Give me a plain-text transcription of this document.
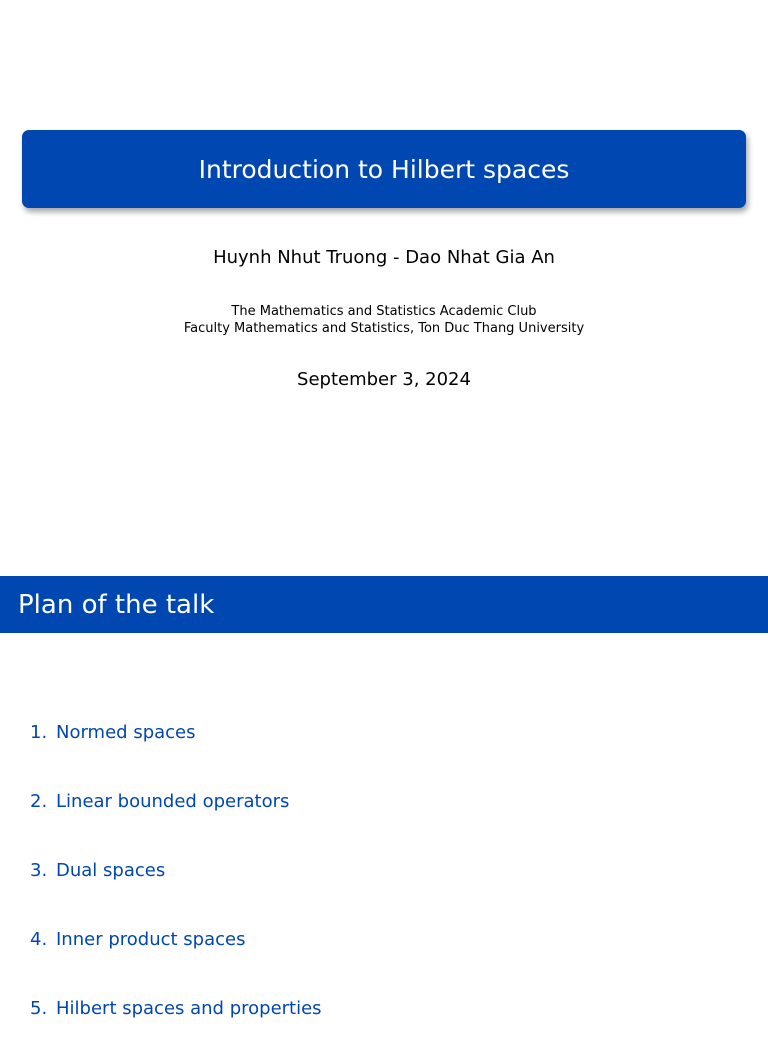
Introduction to Hilbert spaces
Huynh Nhut Truong - Dao Nhat Gia An
The Mathematics and Statistics Academic Club
Faculty Mathematics and Statistics, Ton Duc Thang University
September 3, 2024
Plan of the talk
1. Normed spaces
2. Linear bounded operators
3. Dual spaces
4. Inner product spaces
5. Hilbert spaces and properties
